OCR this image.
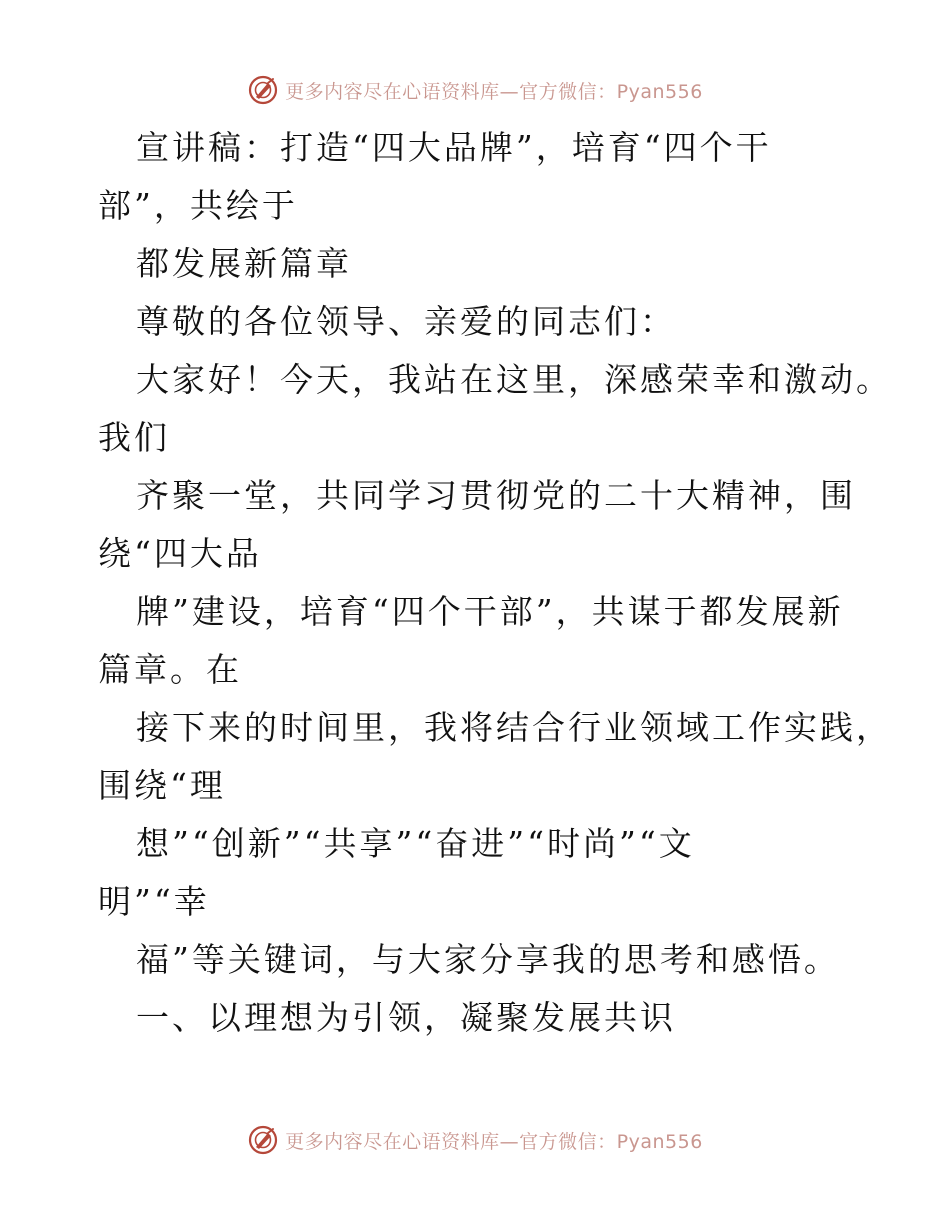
更多内容尽在心语资料库—官方微信：Pyan556
宣讲稿：打造“四大品牌”，培育“四个干
部”，共绘于
都发展新篇章
尊敬的各位领导、亲爱的同志们：
大家好！今天，我站在这里，深感荣幸和激动。
我们
齐聚一堂，共同学习贯彻党的二十大精神，围
绕“四大品
牌”建设，培育“四个干部”，共谋于都发展新
篇章。在
接下来的时间里，我将结合行业领域工作实践，
围绕“理
想”“创新”“共享”“奋进”“时尚”“文
明”“幸
福”等关键词，与大家分享我的思考和感悟。
一、以理想为引领，凝聚发展共识
更多内容尽在心语资料库—官方微信：Pyan556
